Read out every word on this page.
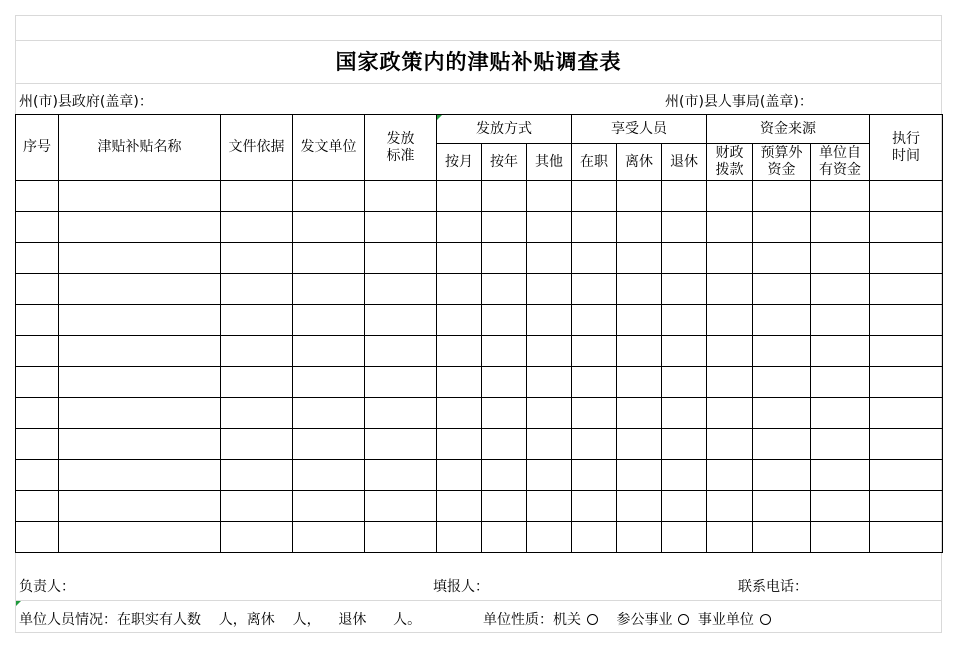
国家政策内的津贴补贴调查表
州(市)县政府(盖章)：	州(市)县人事局(盖章)：
序号	津贴补贴名称	文件依据	发文单位	发放标准	发放方式			享受人员			资金来源			执行时间

					按月	按年	其他	在职	离休	退休	财政拨款	预算外资金	单位自有资金	

负责人：	填报人：	联系电话：
单位人员情况：在职实有人数    人，离休    人，    退休      人。	单位性质：机关	参公事业 事业单位
